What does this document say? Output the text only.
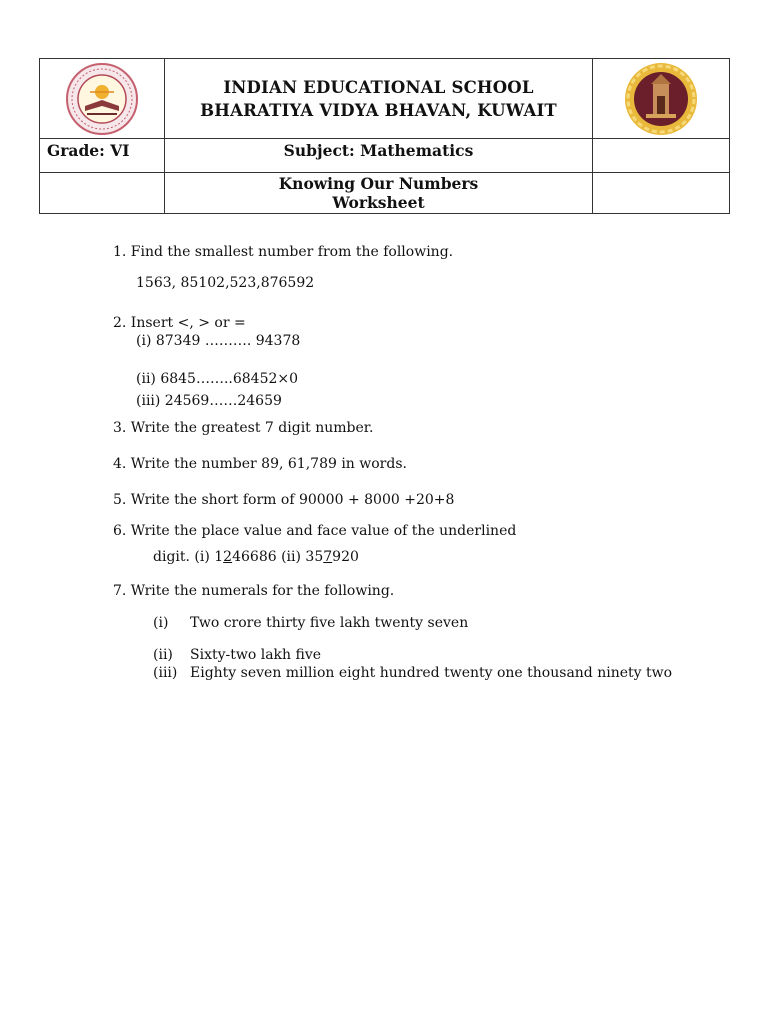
INDIAN EDUCATIONAL SCHOOL
BHARATIYA VIDYA BHAVAN, KUWAIT

Grade: VI	Subject: Mathematics	

	Knowing Our Numbers
Worksheet	

1. Find the smallest number from the following.
1563, 85102,523,876592
2. Insert <, > or =
(i) 87349 ………. 94378
(ii) 6845……..68452×0
(iii) 24569……24659
3. Write the greatest 7 digit number.
4. Write the number 89, 61,789 in words.
5. Write the short form of 90000 + 8000 +20+8
6. Write the place value and face value of the underlined
digit. (i) 1246686 (ii) 357920
7. Write the numerals for the following.
(i) Two crore thirty five lakh twenty seven
(ii) Sixty-two lakh five
(iii) Eighty seven million eight hundred twenty one thousand ninety two
